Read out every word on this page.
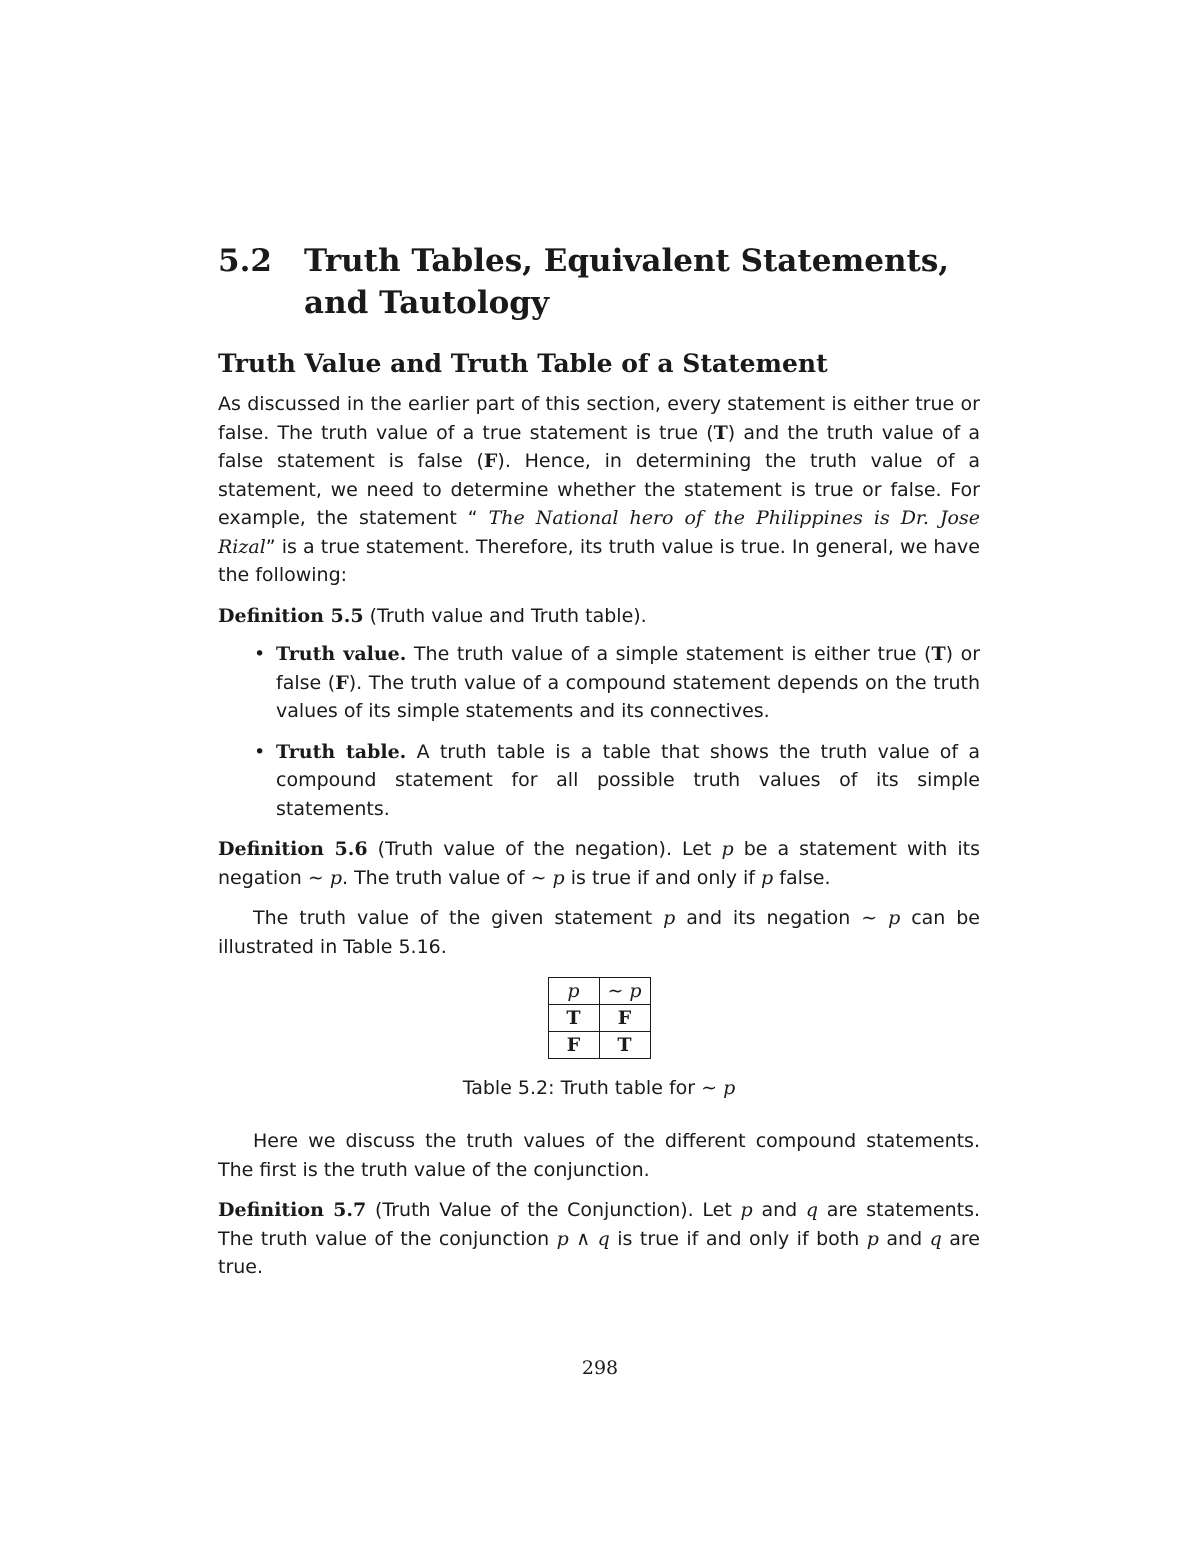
5.2	Truth Tables, Equivalent Statements, and Tautology
Truth Value and Truth Table of a Statement

As discussed in the earlier part of this section, every statement is either true or false. The truth value of a true statement is true (T) and the truth value of a false statement is false (F). Hence, in determining the truth value of a statement, we need to determine whether the statement is true or false. For example, the statement “ The National hero of the Philippines is Dr. Jose Rizal” is a true statement. Therefore, its truth value is true. In general, we have the following:

Definition 5.5 (Truth value and Truth table).

• Truth value. The truth value of a simple statement is either true (T) or false (F). The truth value of a compound statement depends on the truth values of its simple statements and its connectives.
• Truth table. A truth table is a table that shows the truth value of a compound statement for all possible truth values of its simple statements.

Definition 5.6 (Truth value of the negation). Let p be a statement with its negation ∼ p. The truth value of ∼ p is true if and only if p false.

The truth value of the given statement p and its negation ∼ p can be illustrated in Table 5.16.

p	∼ p
T	F
F	T
Table 5.2: Truth table for ∼ p

Here we discuss the truth values of the different compound statements. The first is the truth value of the conjunction.

Definition 5.7 (Truth Value of the Conjunction). Let p and q are statements. The truth value of the conjunction p ∧ q is true if and only if both p and q are true.

298
